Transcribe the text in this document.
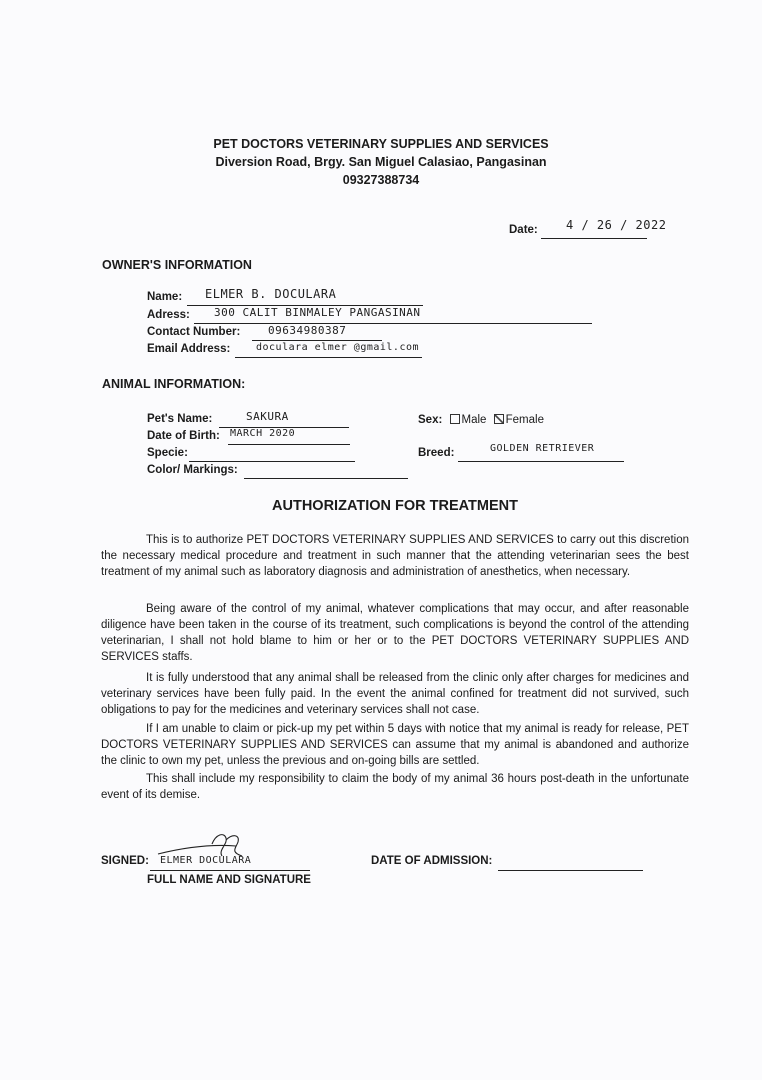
PET DOCTORS VETERINARY SUPPLIES AND SERVICES
Diversion Road, Brgy. San Miguel Calasiao, Pangasinan
09327388734
Date: 4 / 26 / 2022
OWNER'S INFORMATION
Name: ELMER B. DOCULARA
Adress: 300 CALIT BINMALEY PANGASINAN
Contact Number:	09634980387
Email Address:	doculara elmer @gmail.com
ANIMAL INFORMATION:
Pet's Name:	SAKURA
Date of Birth: MARCH 2020
Specie:
Color/ Markings:
Sex: Male Female
Breed:	GOLDEN RETRIEVER
AUTHORIZATION FOR TREATMENT

This is to authorize PET DOCTORS VETERINARY SUPPLIES AND SERVICES to carry out this discretion the necessary medical procedure and treatment in such manner that the attending veterinarian sees the best treatment of my animal such as laboratory diagnosis and administration of anesthetics, when necessary.

Being aware of the control of my animal, whatever complications that may occur, and after reasonable diligence have been taken in the course of its treatment, such complications is beyond the control of the attending veterinarian, I shall not hold blame to him or her or to the PET DOCTORS VETERINARY SUPPLIES AND SERVICES staffs.

It is fully understood that any animal shall be released from the clinic only after charges for medicines and veterinary services have been fully paid. In the event the animal confined for treatment did not survived, such obligations to pay for the medicines and veterinary services shall not case.

If I am unable to claim or pick-up my pet within 5 days with notice that my animal is ready for release, PET DOCTORS VETERINARY SUPPLIES AND SERVICES can assume that my animal is abandoned and authorize the clinic to own my pet, unless the previous and on-going bills are settled.

This shall include my responsibility to claim the body of my animal 36 hours post-death in the unfortunate event of its demise.

SIGNED: ELMER DOCULARA
FULL NAME AND SIGNATURE
DATE OF ADMISSION:
